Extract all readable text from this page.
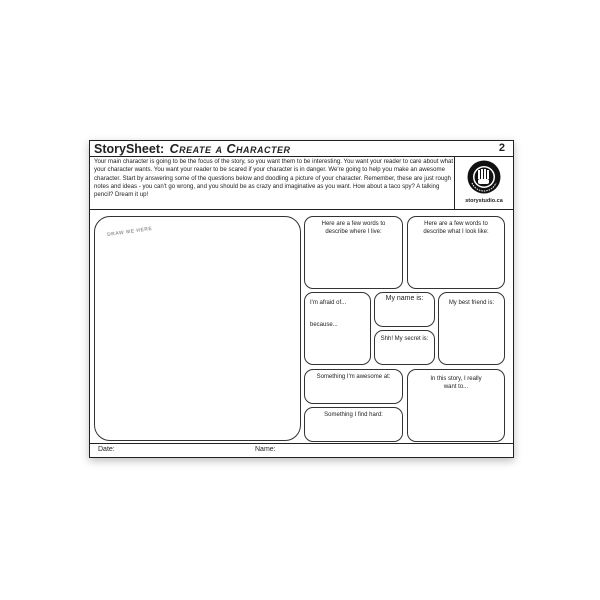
StorySheet: Create a Character	2
Your main character is going to be the focus of the story, so you want them to be interesting. You want your reader to care about what your character wants. You want your reader to be scared if your character is in danger. We're going to help you make an awesome character. Start by answering some of the questions below and doodling a picture of your character. Remember, these are just rough notes and ideas - you can't go wrong, and you should be as crazy and imaginative as you want. How about a taco spy? A talking pencil? Dream it up!
storystudio.ca
DRAW ME HERE
Here are a few words to describe where I live:
Here are a few words to describe what I look like:
I'm afraid of...
because...
My name is:
Shh! My secret is:
My best friend is:
Something I'm awesome at:
Something I find hard:
In this story, I really want to...
Date:	Name:
